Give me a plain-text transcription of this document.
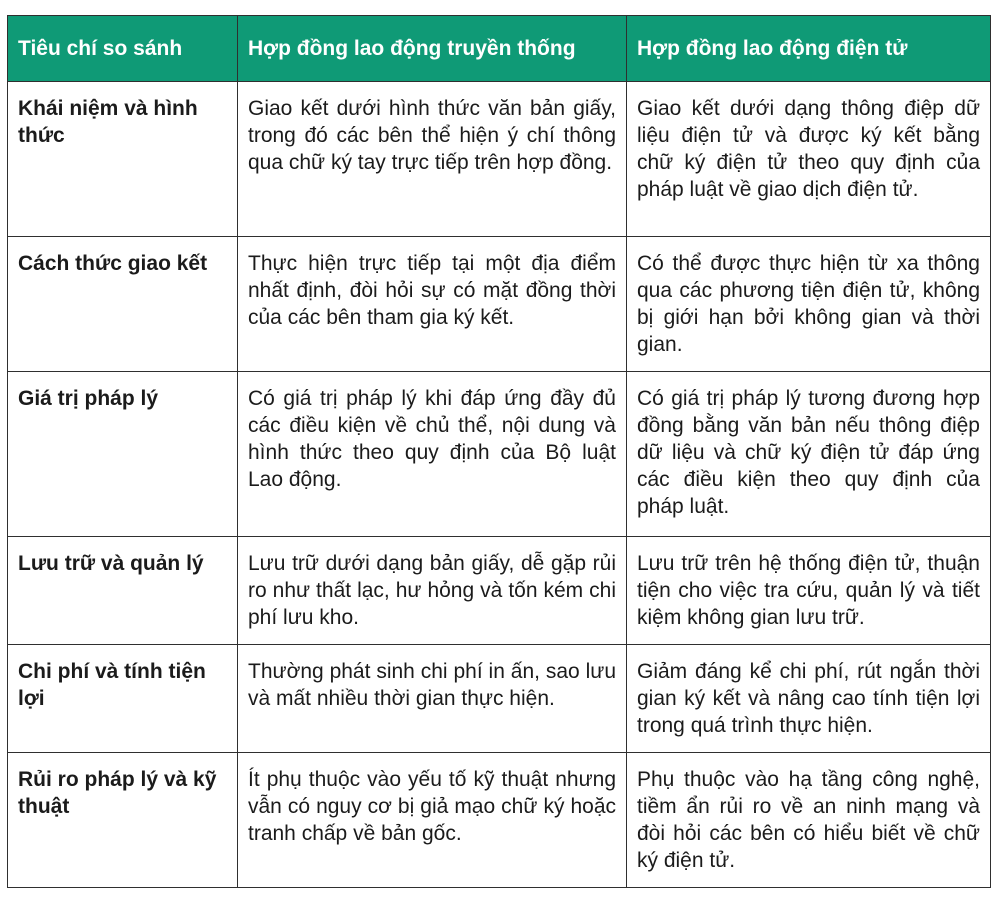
Tiêu chí so sánh	Hợp đồng lao động truyền thống	Hợp đồng lao động điện tử
Khái niệm và hình thức	Giao kết dưới hình thức văn bản giấy, trong đó các bên thể hiện ý chí thông qua chữ ký tay trực tiếp trên hợp đồng.	Giao kết dưới dạng thông điệp dữ liệu điện tử và được ký kết bằng chữ ký điện tử theo quy định của pháp luật về giao dịch điện tử.
Cách thức giao kết	Thực hiện trực tiếp tại một địa điểm nhất định, đòi hỏi sự có mặt đồng thời của các bên tham gia ký kết.	Có thể được thực hiện từ xa thông qua các phương tiện điện tử, không bị giới hạn bởi không gian và thời gian.
Giá trị pháp lý	Có giá trị pháp lý khi đáp ứng đầy đủ các điều kiện về chủ thể, nội dung và hình thức theo quy định của Bộ luật Lao động.	Có giá trị pháp lý tương đương hợp đồng bằng văn bản nếu thông điệp dữ liệu và chữ ký điện tử đáp ứng các điều kiện theo quy định của pháp luật.
Lưu trữ và quản lý	Lưu trữ dưới dạng bản giấy, dễ gặp rủi ro như thất lạc, hư hỏng và tốn kém chi phí lưu kho.	Lưu trữ trên hệ thống điện tử, thuận tiện cho việc tra cứu, quản lý và tiết kiệm không gian lưu trữ.
Chi phí và tính tiện lợi	Thường phát sinh chi phí in ấn, sao lưu và mất nhiều thời gian thực hiện.	Giảm đáng kể chi phí, rút ngắn thời gian ký kết và nâng cao tính tiện lợi trong quá trình thực hiện.
Rủi ro pháp lý và kỹ thuật	Ít phụ thuộc vào yếu tố kỹ thuật nhưng vẫn có nguy cơ bị giả mạo chữ ký hoặc tranh chấp về bản gốc.	Phụ thuộc vào hạ tầng công nghệ, tiềm ẩn rủi ro về an ninh mạng và đòi hỏi các bên có hiểu biết về chữ ký điện tử.
